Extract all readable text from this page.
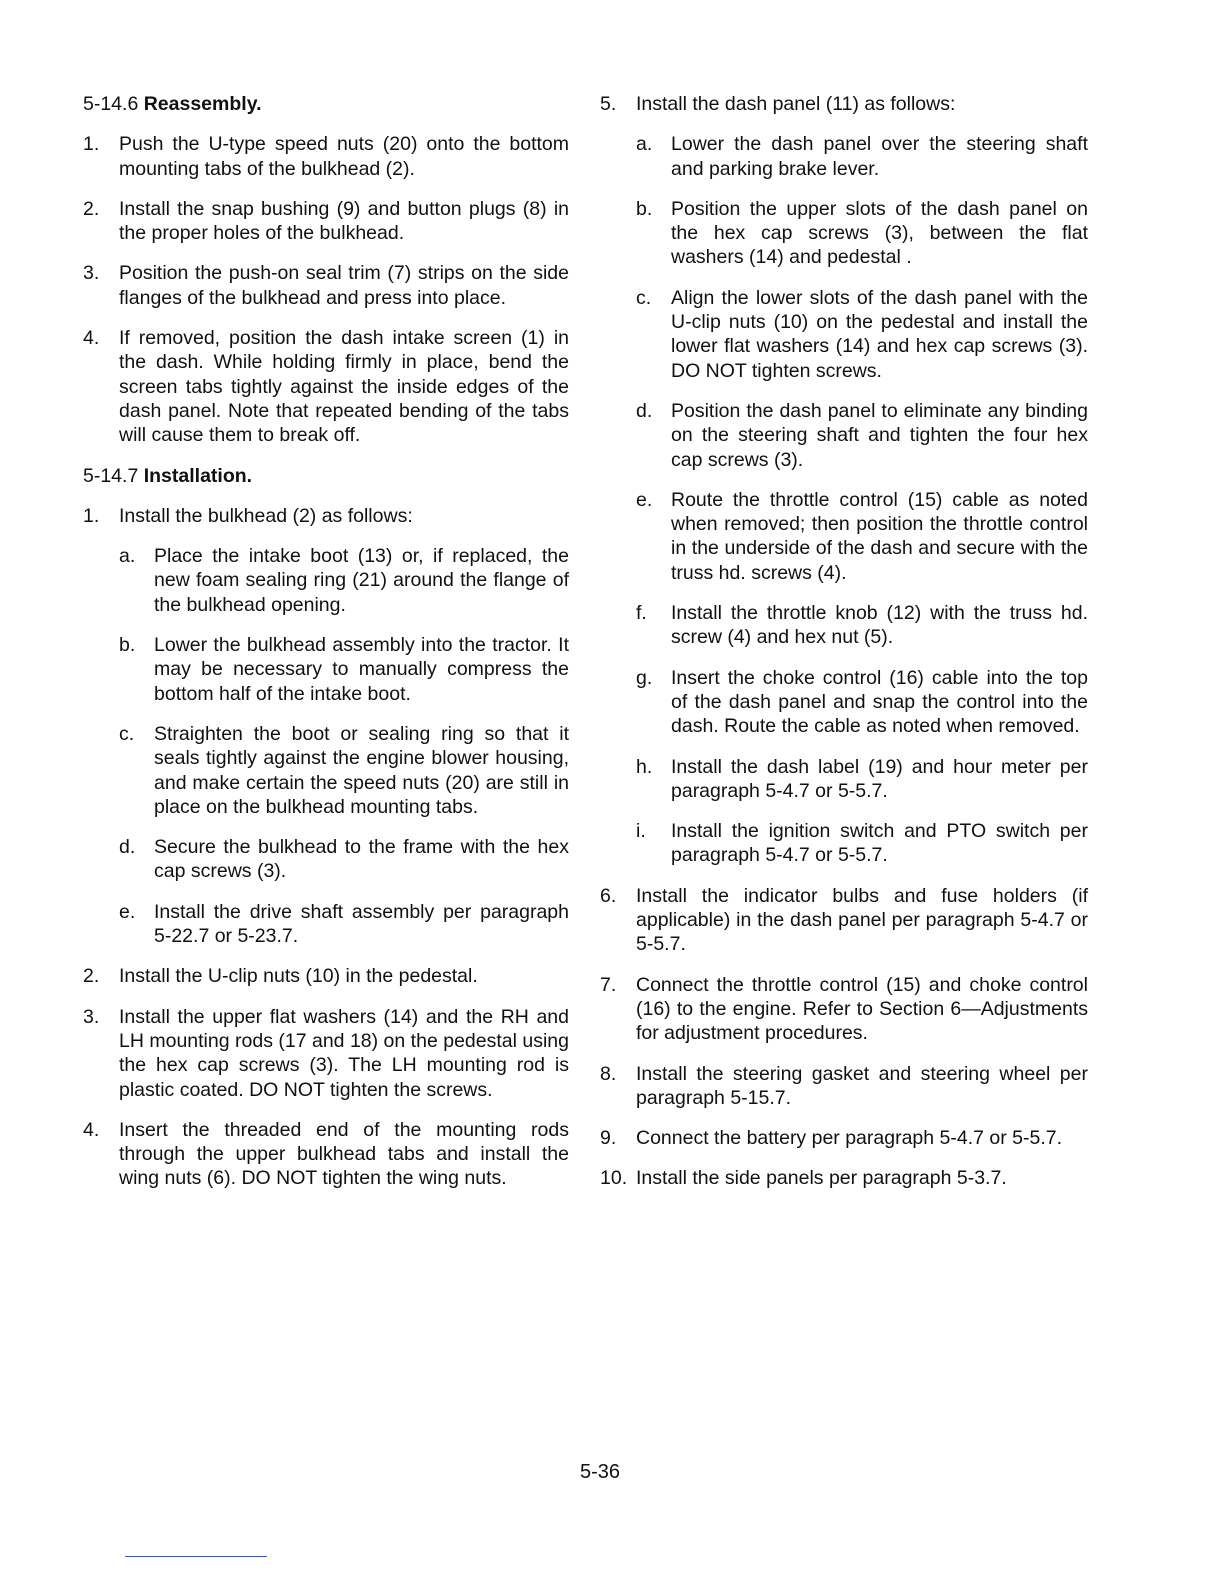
5-14.6 Reassembly.
1.	Push the U-type speed nuts (20) onto the bottom mounting tabs of the bulkhead (2).
2.	Install the snap bushing (9) and button plugs (8) in the proper holes of the bulkhead.
3.	Position the push-on seal trim (7) strips on the side flanges of the bulkhead and press into place.
4.	If removed, position the dash intake screen (1) in the dash. While holding firmly in place, bend the screen tabs tightly against the inside edges of the dash panel. Note that repeated bending of the tabs will cause them to break off.
5-14.7 Installation.
1.	Install the bulkhead (2) as follows:
a. Place the intake boot (13) or, if replaced, the new foam sealing ring (21) around the flange of the bulkhead opening.
b. Lower the bulkhead assembly into the tractor. It may be necessary to manually compress the bottom half of the intake boot.
c.	Straighten the boot or sealing ring so that it seals tightly against the engine blower housing, and make certain the speed nuts (20) are still in place on the bulkhead mounting tabs.
d. Secure the bulkhead to the frame with the hex cap screws (3).
e. Install the drive shaft assembly per paragraph 5-22.7 or 5-23.7.
2.	Install the U-clip nuts (10) in the pedestal.
3.	Install the upper flat washers (14) and the RH and LH mounting rods (17 and 18) on the pedestal using the hex cap screws (3). The LH mounting rod is plastic coated. DO NOT tighten the screws.
4.	Insert the threaded end of the mounting rods through the upper bulkhead tabs and install the wing nuts (6). DO NOT tighten the wing nuts.
5.	Install the dash panel (11) as follows:
a. Lower the dash panel over the steering shaft and parking brake lever.
b. Position the upper slots of the dash panel on the hex cap screws (3), between the flat washers (14) and pedestal .
c.	Align the lower slots of the dash panel with the U-clip nuts (10) on the pedestal and install the lower flat washers (14) and hex cap screws (3). DO NOT tighten screws.
d. Position the dash panel to eliminate any binding on the steering shaft and tighten the four hex cap screws (3).
e. Route the throttle control (15) cable as noted when removed; then position the throttle control in the underside of the dash and secure with the truss hd. screws (4).
f.	Install the throttle knob (12) with the truss hd. screw (4) and hex nut (5).
g. Insert the choke control (16) cable into the top of the dash panel and snap the control into the dash. Route the cable as noted when removed.
h. Install the dash label (19) and hour meter per paragraph 5-4.7 or 5-5.7.
i.	Install the ignition switch and PTO switch per paragraph 5-4.7 or 5-5.7.
6.	Install the indicator bulbs and fuse holders (if applicable) in the dash panel per paragraph 5-4.7 or 5-5.7.
7.	Connect the throttle control (15) and choke control (16) to the engine. Refer to Section 6—Adjustments for adjustment procedures.
8.	Install the steering gasket and steering wheel per paragraph 5-15.7.
9.	Connect the battery per paragraph 5-4.7 or 5-5.7.
10. Install the side panels per paragraph 5-3.7.
5-36
